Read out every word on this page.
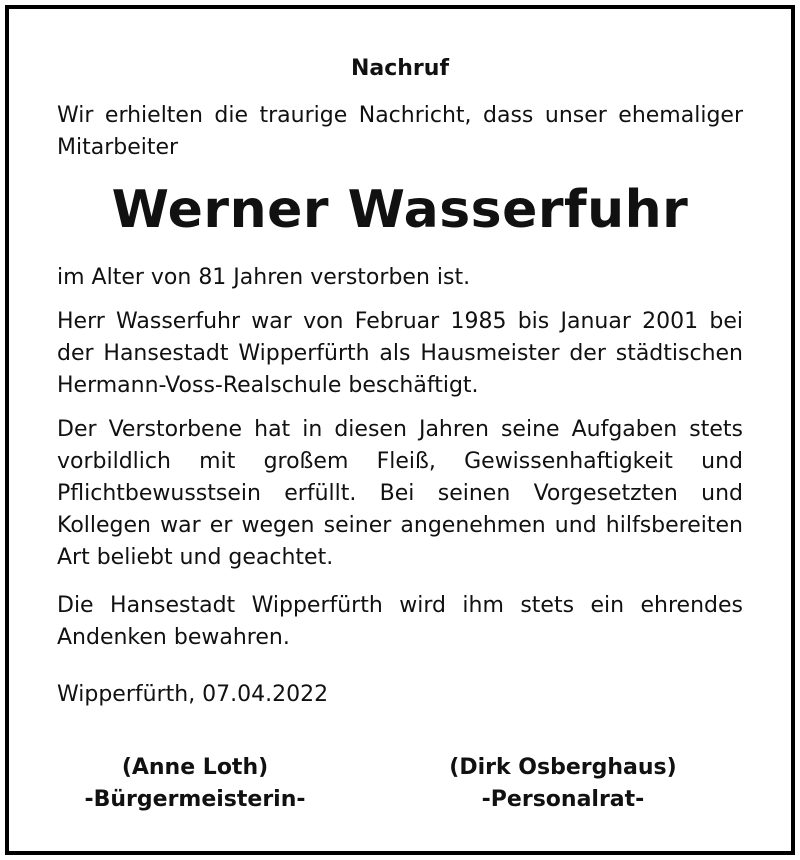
Nachruf

Wir erhielten die traurige Nachricht, dass unser ehemaliger Mitarbeiter

Werner Wasserfuhr

im Alter von 81 Jahren verstorben ist.

Herr Wasserfuhr war von Februar 1985 bis Januar 2001 bei der Hansestadt Wipperfürth als Hausmeister der städtischen Hermann-Voss-Realschule beschäftigt.

Der Verstorbene hat in diesen Jahren seine Aufgaben stets vorbildlich mit großem Fleiß, Gewissenhaftigkeit und Pflichtbewusstsein erfüllt. Bei seinen Vorgesetzten und Kollegen war er wegen seiner angenehmen und hilfsbereiten Art beliebt und geachtet.

Die Hansestadt Wipperfürth wird ihm stets ein ehrendes Andenken bewahren.

Wipperfürth, 07.04.2022

(Anne Loth)
-Bürgermeisterin-
(Dirk Osberghaus)
-Personalrat-
